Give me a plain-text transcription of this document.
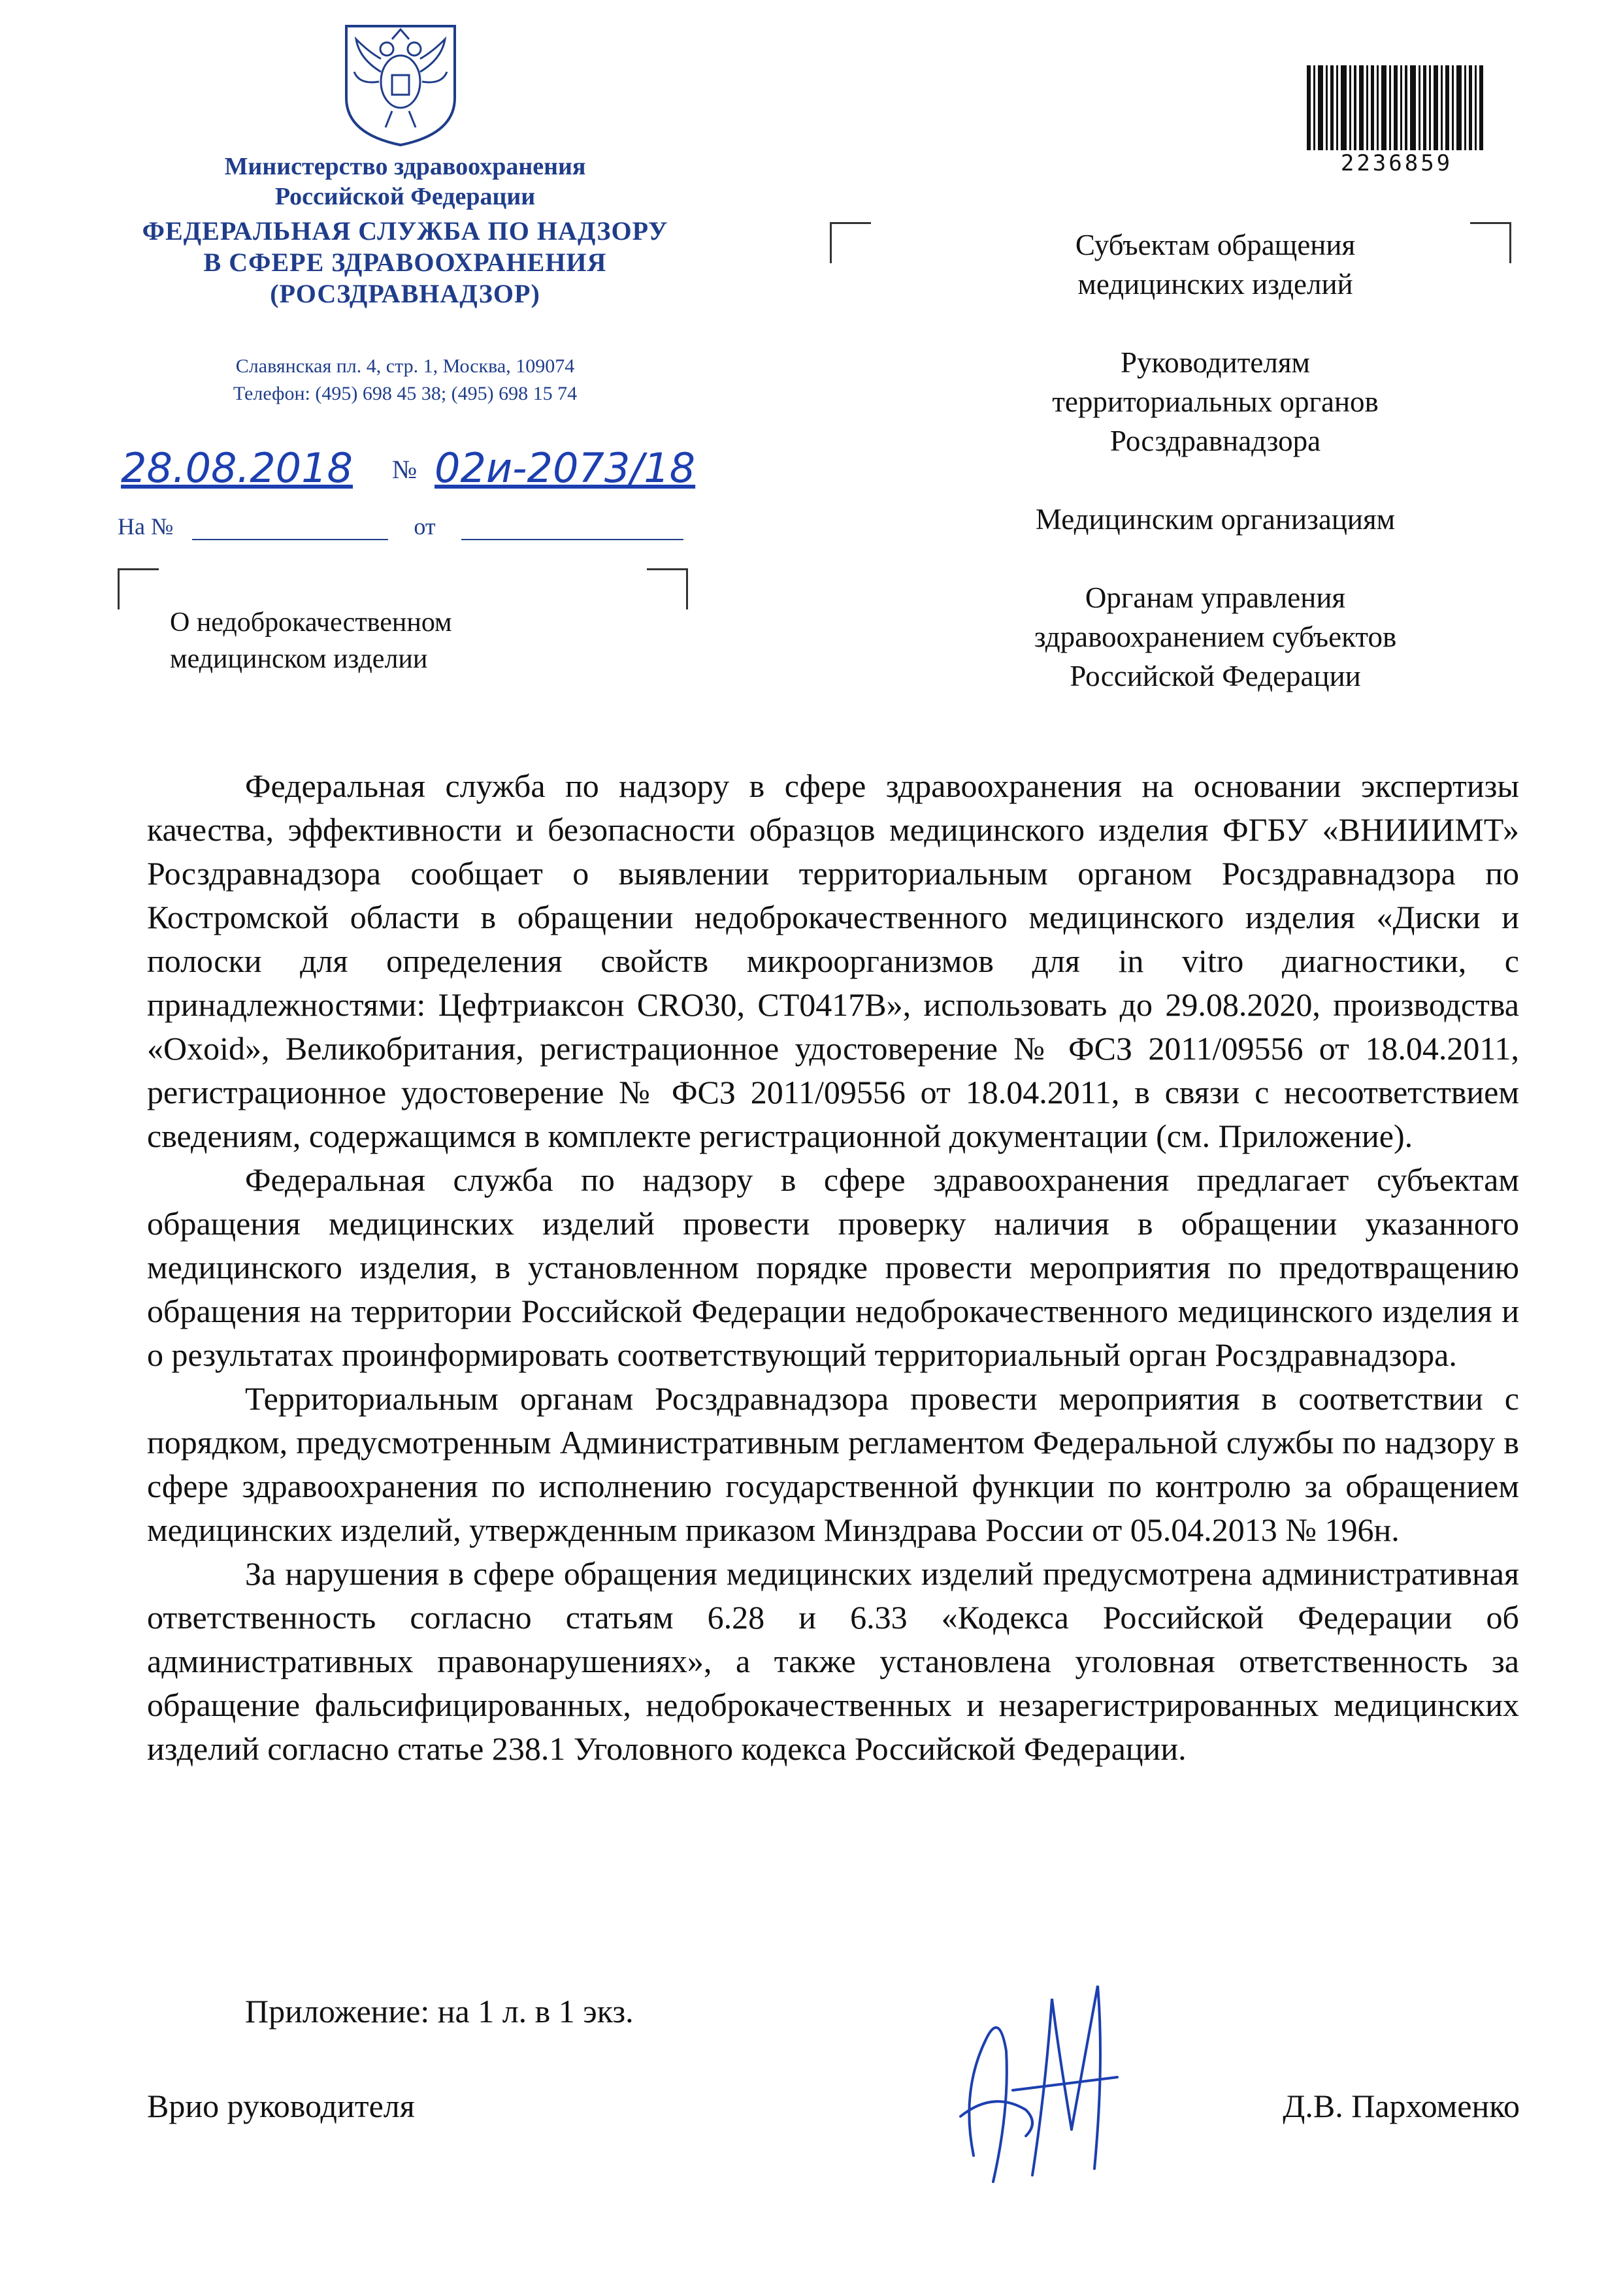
Министерство здравоохранения
Российской Федерации
ФЕДЕРАЛЬНАЯ СЛУЖБА ПО НАДЗОРУ
В СФЕРЕ ЗДРАВООХРАНЕНИЯ
(РОСЗДРАВНАДЗОР)
Славянская пл. 4, стр. 1, Москва, 109074
Телефон: (495) 698 45 38; (495) 698 15 74
2236859
28.08.2018 № 02и-2073/18
На №	от
О недоброкачественном
медицинском изделии
Субъектам обращения
медицинских изделий
Руководителям
территориальных органов
Росздравнадзора
Медицинским организациям
Органам управления
здравоохранением субъектов
Российской Федерации

Федеральная служба по надзору в сфере здравоохранения на основании экспертизы качества, эффективности и безопасности образцов медицинского изделия ФГБУ «ВНИИИМТ» Росздравнадзора сообщает о выявлении территориальным органом Росздравнадзора по Костромской области в обращении недоброкачественного медицинского изделия «Диски и полоски для определения свойств микроорганизмов для in vitro диагностики, с принадлежностями: Цефтриаксон CRO30, CT0417B», использовать до 29.08.2020, производства «Oxoid», Великобритания, регистрационное удостоверение № ФСЗ 2011/09556 от 18.04.2011, регистрационное удостоверение № ФСЗ 2011/09556 от 18.04.2011, в связи с несоответствием сведениям, содержащимся в комплекте регистрационной документации (см. Приложение).

Федеральная служба по надзору в сфере здравоохранения предлагает субъектам обращения медицинских изделий провести проверку наличия в обращении указанного медицинского изделия, в установленном порядке провести мероприятия по предотвращению обращения на территории Российской Федерации недоброкачественного медицинского изделия и о результатах проинформировать соответствующий территориальный орган Росздравнадзора.

Территориальным органам Росздравнадзора провести мероприятия в соответствии с порядком, предусмотренным Административным регламентом Федеральной службы по надзору в сфере здравоохранения по исполнению государственной функции по контролю за обращением медицинских изделий, утвержденным приказом Минздрава России от 05.04.2013 № 196н.

За нарушения в сфере обращения медицинских изделий предусмотрена административная ответственность согласно статьям 6.28 и 6.33 «Кодекса Российской Федерации об административных правонарушениях», а также установлена уголовная ответственность за обращение фальсифицированных, недоброкачественных и незарегистрированных медицинских изделий согласно статье 238.1 Уголовного кодекса Российской Федерации.

Приложение: на 1 л. в 1 экз.
Врио руководителя	Д.В. Пархоменко
